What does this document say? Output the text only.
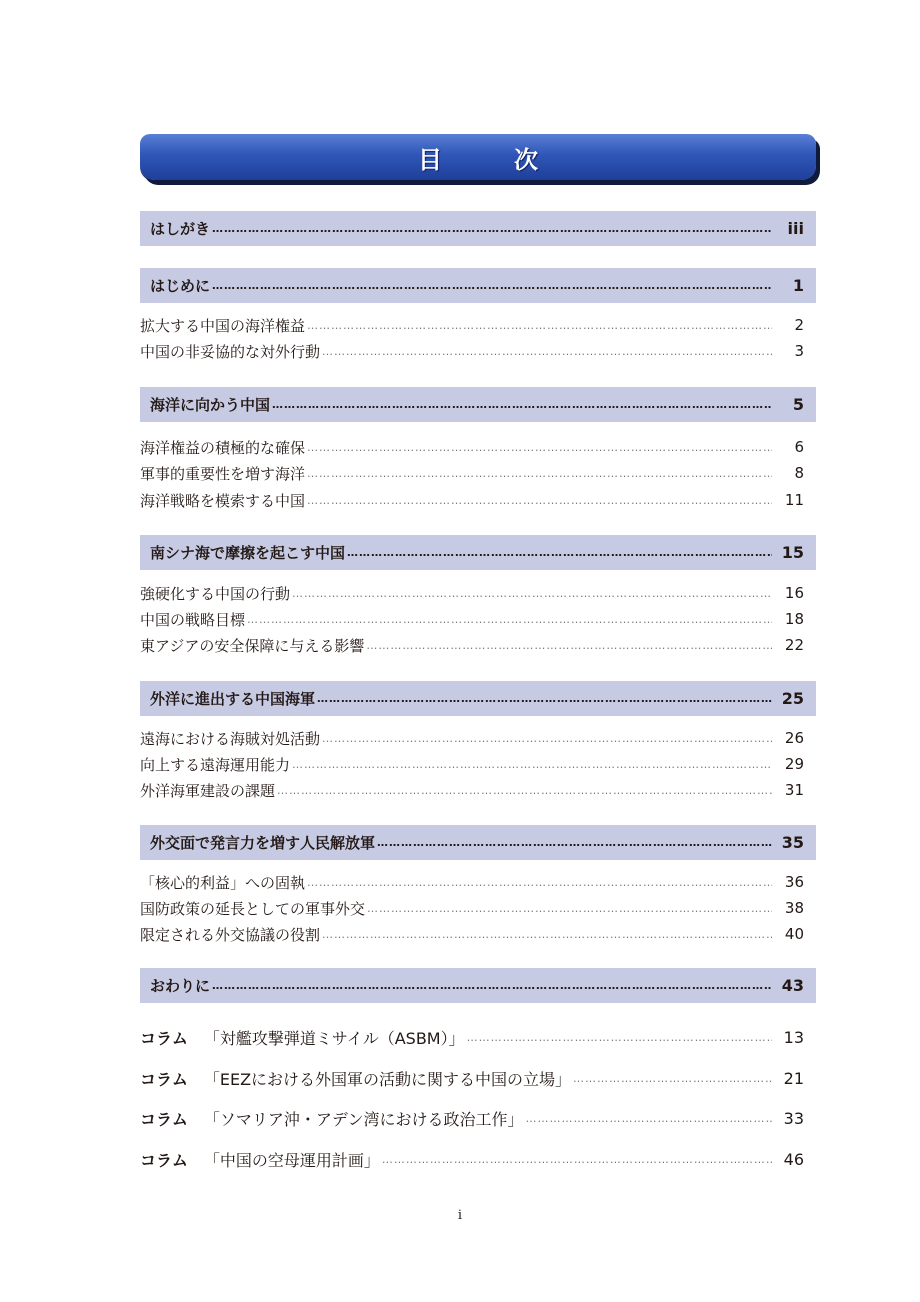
目　次
はしがき ……………………………………………………………………………………………………………………………………………………………………………………………………………………………………	iii
はじめに ……………………………………………………………………………………………………………………………………………………………………………………………………………………………………	1
拡大する中国の海洋権益 ……………………………………………………………………………………………………………………………………………………………………………………………………………………………………	2
中国の非妥協的な対外行動 ……………………………………………………………………………………………………………………………………………………………………………………………………………………………………	3
海洋に向かう中国 ……………………………………………………………………………………………………………………………………………………………………………………………………………………………………	5
海洋権益の積極的な確保 ……………………………………………………………………………………………………………………………………………………………………………………………………………………………………	6
軍事的重要性を増す海洋 ……………………………………………………………………………………………………………………………………………………………………………………………………………………………………	8
海洋戦略を模索する中国 ……………………………………………………………………………………………………………………………………………………………………………………………………………………………………	11
南シナ海で摩擦を起こす中国 ……………………………………………………………………………………………………………………………………………………………………………………………………………………………………	15
強硬化する中国の行動 ……………………………………………………………………………………………………………………………………………………………………………………………………………………………………	16
中国の戦略目標 ……………………………………………………………………………………………………………………………………………………………………………………………………………………………………	18
東アジアの安全保障に与える影響 ……………………………………………………………………………………………………………………………………………………………………………………………………………………………………	22
外洋に進出する中国海軍 ……………………………………………………………………………………………………………………………………………………………………………………………………………………………………	25
遠海における海賊対処活動 ……………………………………………………………………………………………………………………………………………………………………………………………………………………………………	26
向上する遠海運用能力 ……………………………………………………………………………………………………………………………………………………………………………………………………………………………………	29
外洋海軍建設の課題 ……………………………………………………………………………………………………………………………………………………………………………………………………………………………………	31
外交面で発言力を増す人民解放軍 ……………………………………………………………………………………………………………………………………………………………………………………………………………………………………	35
「核心的利益」への固執 ……………………………………………………………………………………………………………………………………………………………………………………………………………………………………	36
国防政策の延長としての軍事外交 ……………………………………………………………………………………………………………………………………………………………………………………………………………………………………	38
限定される外交協議の役割 ……………………………………………………………………………………………………………………………………………………………………………………………………………………………………	40
おわりに ……………………………………………………………………………………………………………………………………………………………………………………………………………………………………	43
コラム 「対艦攻撃弾道ミサイル（ASBM）」 ……………………………………………………………………………………………………………………………………………………………………………………………………………………………………	13
コラム 「EEZにおける外国軍の活動に関する中国の立場」 ……………………………………………………………………………………………………………………………………………………………………………………………………………………………………	21
コラム 「ソマリア沖・アデン湾における政治工作」 ……………………………………………………………………………………………………………………………………………………………………………………………………………………………………	33
コラム 「中国の空母運用計画」 ……………………………………………………………………………………………………………………………………………………………………………………………………………………………………	46
i
